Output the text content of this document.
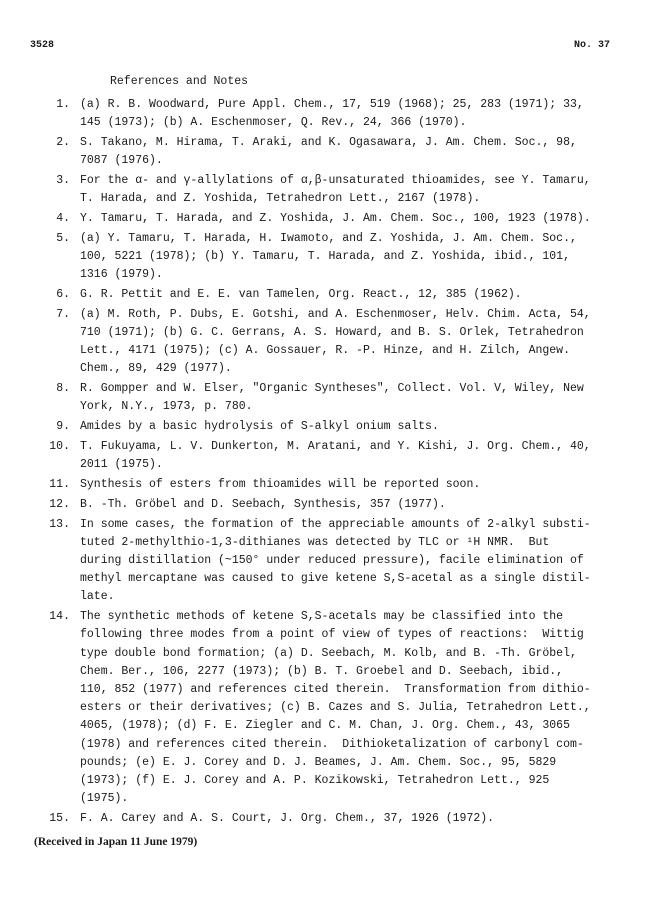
3528	No. 37
References and Notes
1. (a) R. B. Woodward, Pure Appl. Chem., 17, 519 (1968); 25, 283 (1971); 33,
145 (1973); (b) A. Eschenmoser, Q. Rev., 24, 366 (1970).
2. S. Takano, M. Hirama, T. Araki, and K. Ogasawara, J. Am. Chem. Soc., 98,
7087 (1976).
3. For the α- and γ-allylations of α,β-unsaturated thioamides, see Y. Tamaru,
T. Harada, and Z. Yoshida, Tetrahedron Lett., 2167 (1978).
4. Y. Tamaru, T. Harada, and Z. Yoshida, J. Am. Chem. Soc., 100, 1923 (1978).
5. (a) Y. Tamaru, T. Harada, H. Iwamoto, and Z. Yoshida, J. Am. Chem. Soc.,
100, 5221 (1978); (b) Y. Tamaru, T. Harada, and Z. Yoshida, ibid., 101,
1316 (1979).
6. G. R. Pettit and E. E. van Tamelen, Org. React., 12, 385 (1962).
7. (a) M. Roth, P. Dubs, E. Gotshi, and A. Eschenmoser, Helv. Chim. Acta, 54,
710 (1971); (b) G. C. Gerrans, A. S. Howard, and B. S. Orlek, Tetrahedron
Lett., 4171 (1975); (c) A. Gossauer, R. -P. Hinze, and H. Zilch, Angew.
Chem., 89, 429 (1977).
8. R. Gompper and W. Elser, "Organic Syntheses", Collect. Vol. V, Wiley, New
York, N.Y., 1973, p. 780.
9. Amides by a basic hydrolysis of S-alkyl onium salts.
10. T. Fukuyama, L. V. Dunkerton, M. Aratani, and Y. Kishi, J. Org. Chem., 40,
2011 (1975).
11. Synthesis of esters from thioamides will be reported soon.
12. B. -Th. Gröbel and D. Seebach, Synthesis, 357 (1977).
13. In some cases, the formation of the appreciable amounts of 2-alkyl substi-
tuted 2-methylthio-1,3-dithianes was detected by TLC or ¹H NMR.  But
during distillation (~150° under reduced pressure), facile elimination of
methyl mercaptane was caused to give ketene S,S-acetal as a single distil-
late.
14. The synthetic methods of ketene S,S-acetals may be classified into the
following three modes from a point of view of types of reactions:  Wittig
type double bond formation; (a) D. Seebach, M. Kolb, and B. -Th. Gröbel,
Chem. Ber., 106, 2277 (1973); (b) B. T. Groebel and D. Seebach, ibid.,
110, 852 (1977) and references cited therein.  Transformation from dithio-
esters or their derivatives; (c) B. Cazes and S. Julia, Tetrahedron Lett.,
4065, (1978); (d) F. E. Ziegler and C. M. Chan, J. Org. Chem., 43, 3065
(1978) and references cited therein.  Dithioketalization of carbonyl com-
pounds; (e) E. J. Corey and D. J. Beames, J. Am. Chem. Soc., 95, 5829
(1973); (f) E. J. Corey and A. P. Kozikowski, Tetrahedron Lett., 925
(1975).
15. F. A. Carey and A. S. Court, J. Org. Chem., 37, 1926 (1972).
(Received in Japan 11 June 1979)
